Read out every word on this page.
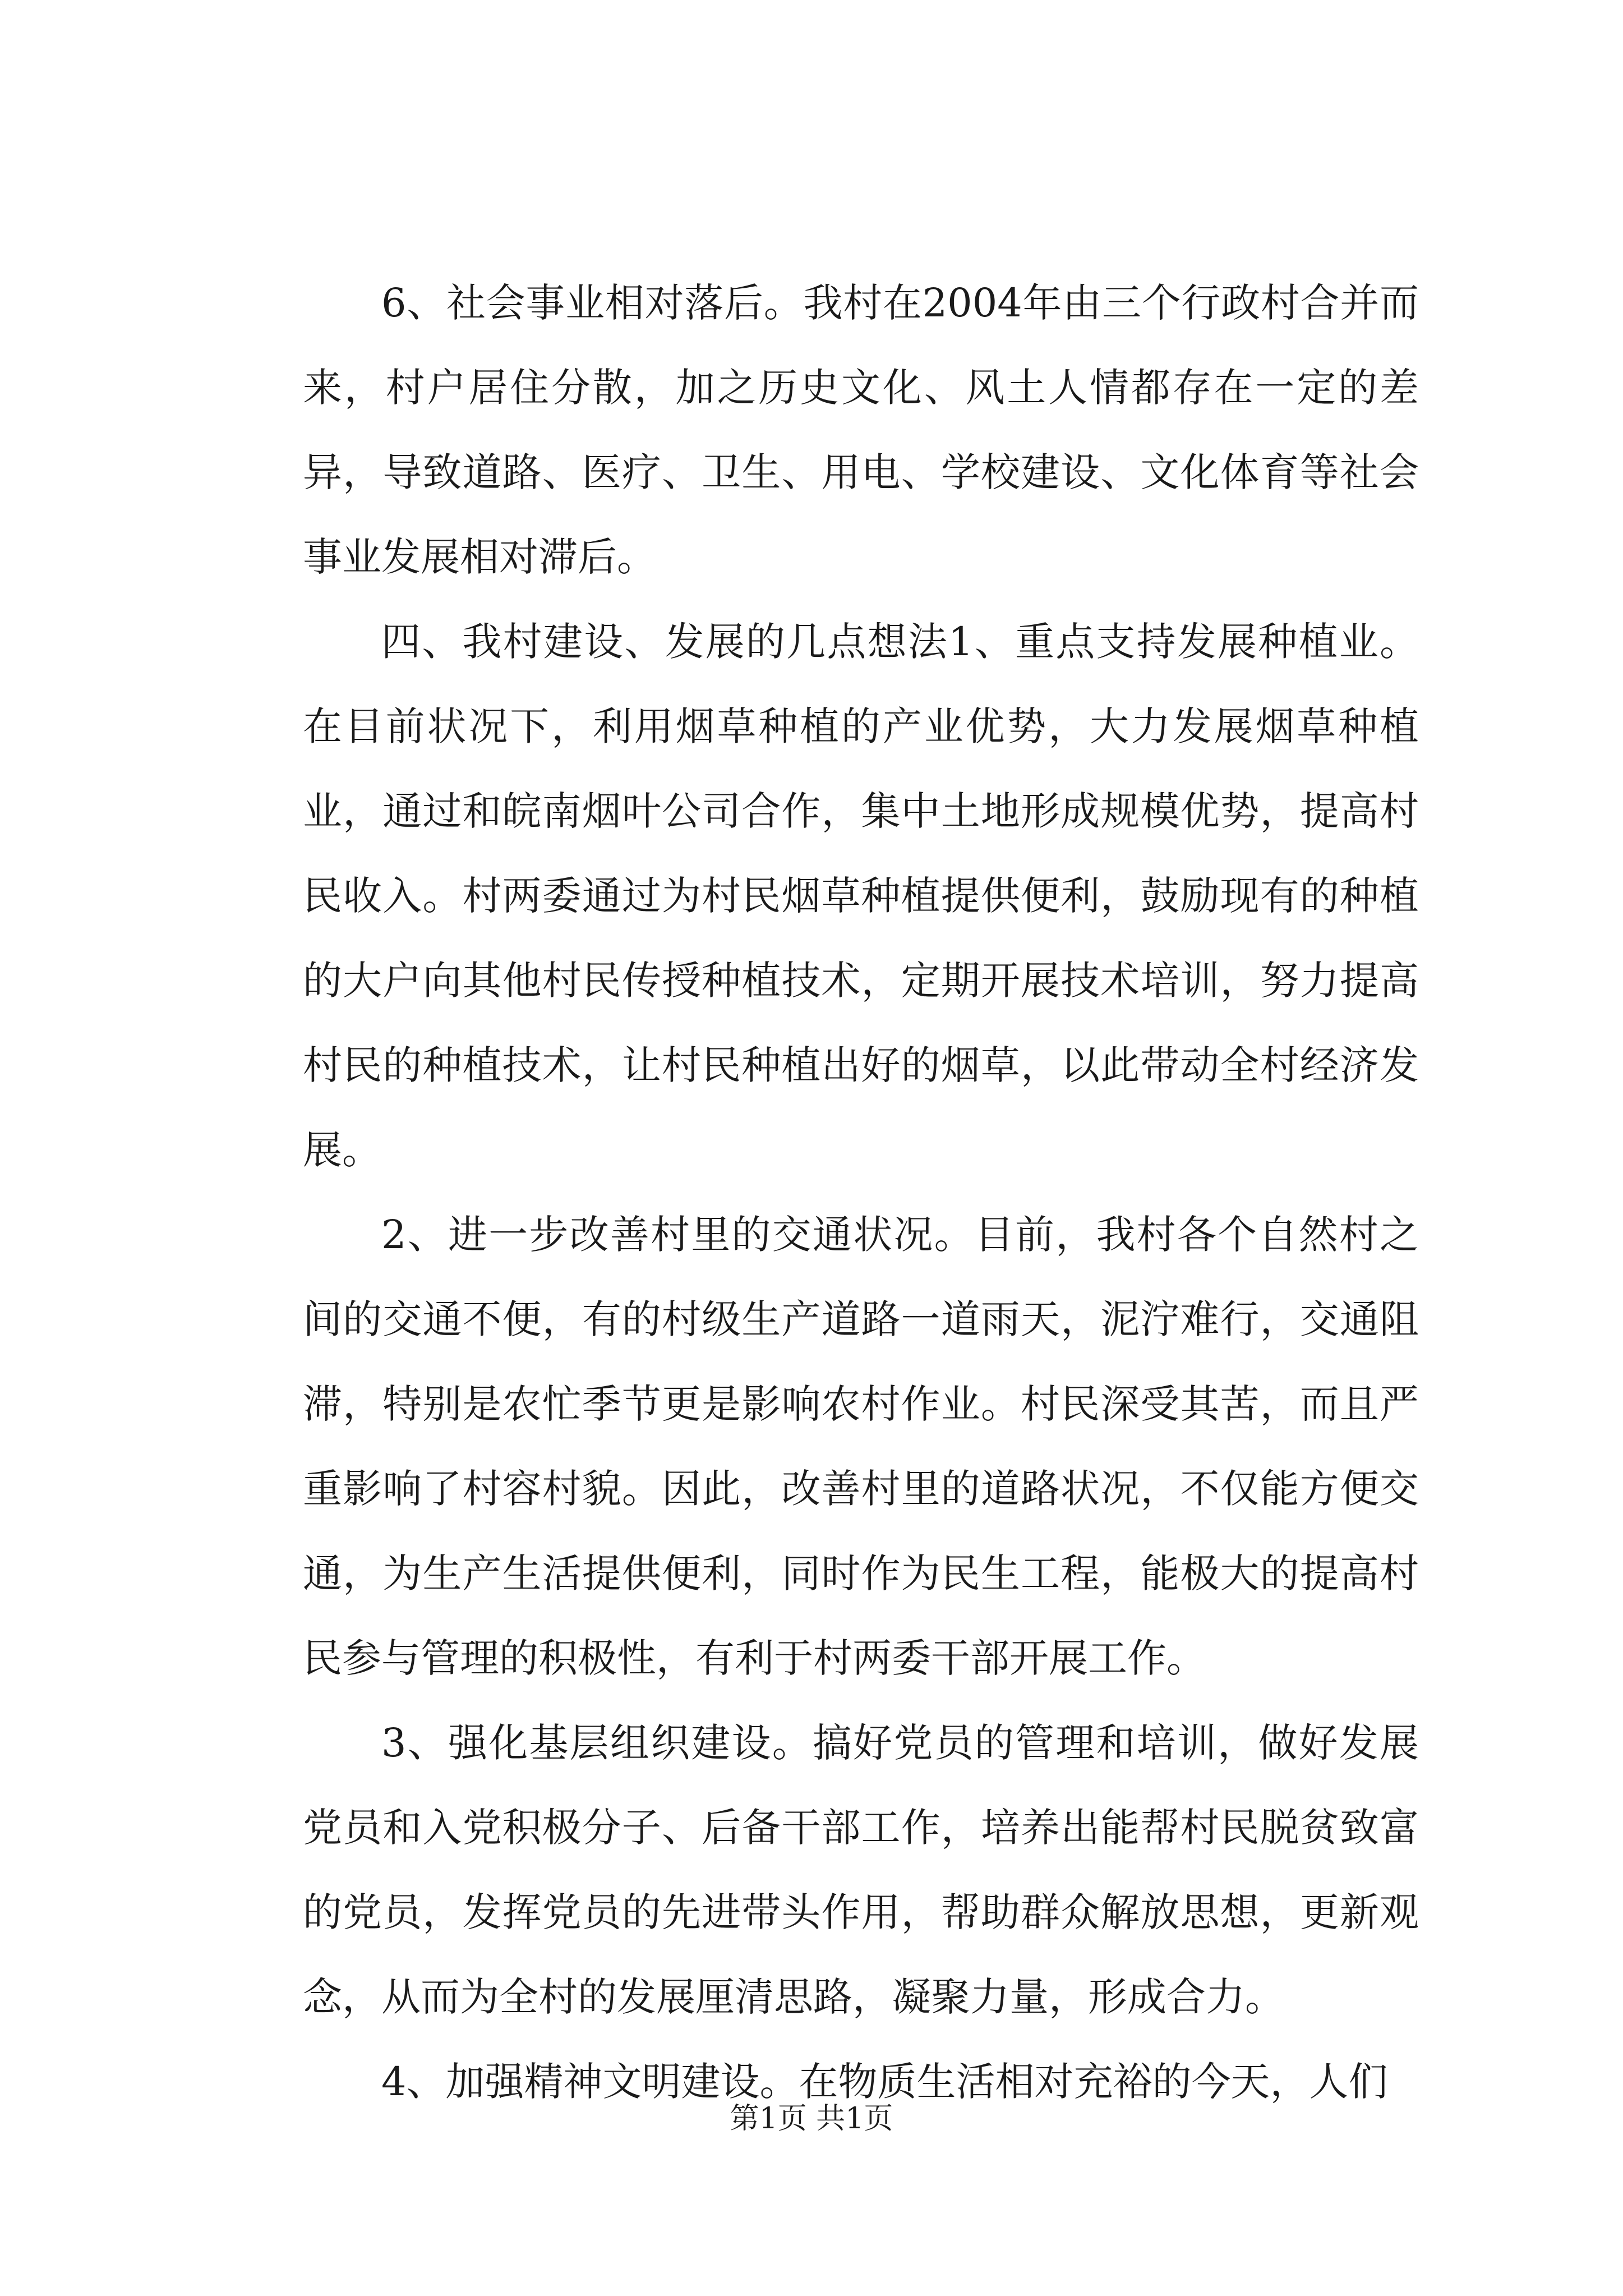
6、社会事业相对落后。我村在2004年由三个行政村合并而来，村户居住分散，加之历史文化、风土人情都存在一定的差异，导致道路、医疗、卫生、用电、学校建设、文化体育等社会事业发展相对滞后。

四、我村建设、发展的几点想法1、重点支持发展种植业。在目前状况下，利用烟草种植的产业优势，大力发展烟草种植业，通过和皖南烟叶公司合作，集中土地形成规模优势，提高村民收入。村两委通过为村民烟草种植提供便利，鼓励现有的种植的大户向其他村民传授种植技术，定期开展技术培训，努力提高村民的种植技术，让村民种植出好的烟草，以此带动全村经济发展。

2、进一步改善村里的交通状况。目前，我村各个自然村之间的交通不便，有的村级生产道路一道雨天，泥泞难行，交通阻滞，特别是农忙季节更是影响农村作业。村民深受其苦，而且严重影响了村容村貌。因此，改善村里的道路状况，不仅能方便交通，为生产生活提供便利，同时作为民生工程，能极大的提高村民参与管理的积极性，有利于村两委干部开展工作。

3、强化基层组织建设。搞好党员的管理和培训，做好发展党员和入党积极分子、后备干部工作，培养出能帮村民脱贫致富的党员，发挥党员的先进带头作用，帮助群众解放思想，更新观念，从而为全村的发展厘清思路，凝聚力量，形成合力。

4、加强精神文明建设。在物质生活相对充裕的今天，人们

第1页 共1页
